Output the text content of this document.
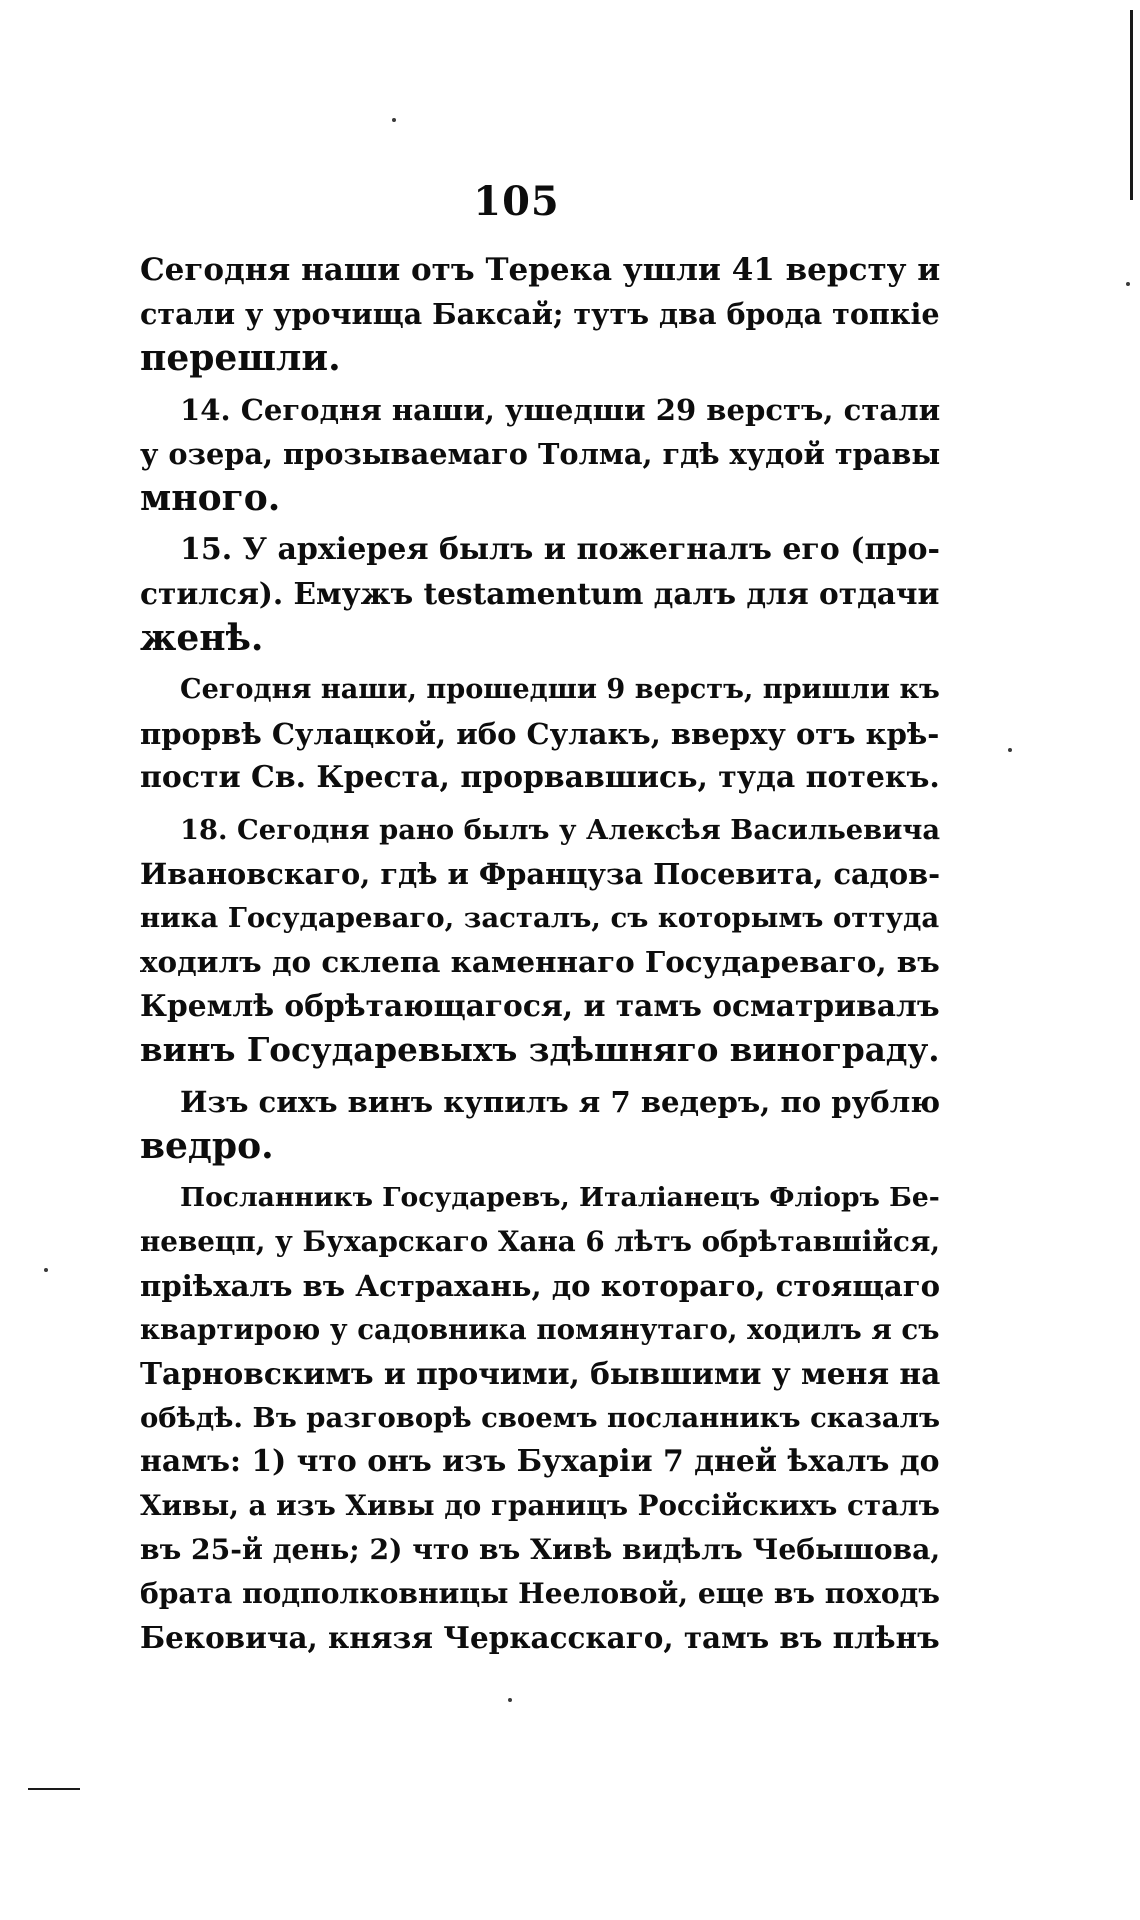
105
Сегодня наши отъ Терека ушли 41 версту и
стали у урочища Баксай; тутъ два брода топкіе
перешли.
14. Сегодня наши, ушедши 29 верстъ, стали
у озера, прозываемаго Толма, гдѣ худой травы
много.
15. У архіерея былъ и пожегналъ его (про-
стился). Емужъ testamentum далъ для отдачи
женѣ.
Сегодня наши, прошедши 9 верстъ, пришли къ
прорвѣ Сулацкой, ибо Сулакъ, вверху отъ крѣ-
пости Св. Креста, прорвавшись, туда потекъ.
18. Сегодня рано былъ у Алексѣя Васильевича
Ивановскаго, гдѣ и Француза Посевита, садов-
ника Государеваго, засталъ, съ которымъ оттуда
ходилъ до склепа каменнаго Государеваго, въ
Кремлѣ обрѣтающагося, и тамъ осматривалъ
винъ Государевыхъ здѣшняго винограду.
Изъ сихъ винъ купилъ я 7 ведеръ, по рублю
ведро.
Посланникъ Государевъ, Италіанецъ Флiоръ Бе-
невецп, у Бухарскаго Хана 6 лѣтъ обрѣтавшiйся,
пріѣхалъ въ Астрахань, до котораго, стоящаго
квартирою у садовника помянутаго, ходилъ я съ
Тарновскимъ и прочими, бывшими у меня на
обѣдѣ. Въ разговорѣ своемъ посланникъ сказалъ
намъ: 1) что онъ изъ Бухаріи 7 дней ѣхалъ до
Хивы, а изъ Хивы до границъ Россійскихъ сталъ
въ 25-й день; 2) что въ Хивѣ видѣлъ Чебышова,
брата подполковницы Нееловой, еще въ походъ
Бековича, князя Черкасскаго, тамъ въ плѣнъ
